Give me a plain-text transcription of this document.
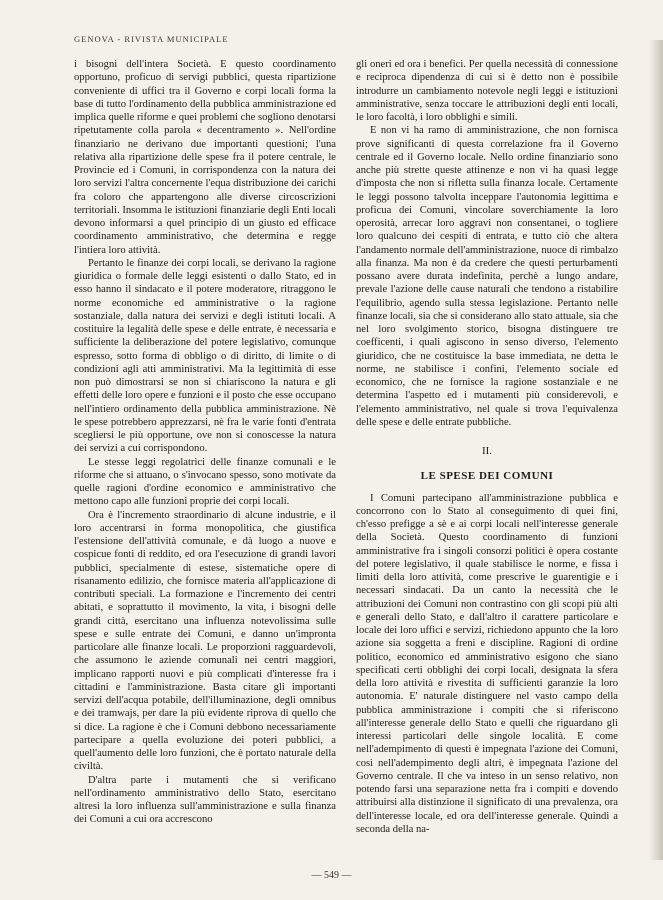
GENOVA - RIVISTA MUNICIPALE

i bisogni dell'intera Società. E questo coordinamento opportuno, proficuo di servigi pubblici, questa ripartizione conveniente di uffici tra il Governo e corpi locali forma la base di tutto l'ordinamento della pubblica amministrazione ed implica quelle riforme e quei problemi che sogliono denotarsi ripetutamente colla parola « decentramento ». Nell'ordine finanziario ne derivano due importanti questioni; l'una relativa alla ripartizione delle spese fra il potere centrale, le Provincie ed i Comuni, in corrispondenza con la natura dei loro servizi l'altra concernente l'equa distribuzione dei carichi fra coloro che appartengono alle diverse circoscrizioni territoriali. Insomma le istituzioni finanziarie degli Enti locali devono informarsi a quel principio di un giusto ed efficace coordinamento amministrativo, che determina e regge l'intiera loro attività.

Pertanto le finanze dei corpi locali, se derivano la ragione giuridica o formale delle leggi esistenti o dallo Stato, ed in esso hanno il sindacato e il potere moderatore, ritraggono le norme economiche ed amministrative o la ragione sostanziale, dalla natura dei servizi e degli istituti locali. A costituire la legalità delle spese e delle entrate, è necessaria e sufficiente la deliberazione del potere legislativo, comunque espresso, sotto forma di obbligo o di diritto, di limite o di condizioni agli atti amministrativi. Ma la legittimità di esse non può dimostrarsi se non si chiariscono la natura e gli effetti delle loro opere e funzioni e il posto che esse occupano nell'intiero ordinamento della pubblica amministrazione. Nè le spese potrebbero apprezzarsi, nè fra le varie fonti d'entrata scegliersi le più opportune, ove non si conoscesse la natura dei servizi a cui corrispondono.

Le stesse leggi regolatrici delle finanze comunali e le riforme che si attuano, o s'invocano spesso, sono motivate da quelle ragioni d'ordine economico e amministrativo che mettono capo alle funzioni proprie dei corpi locali.

Ora è l'incremento straordinario di alcune industrie, e il loro accentrarsi in forma monopolitica, che giustifica l'estensione dell'attività comunale, e dà luogo a nuove e cospicue fonti di reddito, ed ora l'esecuzione di grandi lavori pubblici, specialmente di estese, sistematiche opere di risanamento edilizio, che fornisce materia all'applicazione di contributi speciali. La formazione e l'incremento dei centri abitati, e soprattutto il movimento, la vita, i bisogni delle grandi città, esercitano una influenza notevolissima sulle spese e sulle entrate dei Comuni, e danno un'impronta particolare alle finanze locali. Le proporzioni ragguardevoli, che assumono le aziende comunali nei centri maggiori, implicano rapporti nuovi e più complicati d'interesse fra i cittadini e l'amministrazione. Basta citare gli importanti servizi dell'acqua potabile, dell'illuminazione, degli omnibus e dei tramwajs, per dare la più evidente riprova di quello che si dice. La ragione è che i Comuni debbono necessariamente partecipare a quella evoluzione dei poteri pubblici, a quell'aumento delle loro funzioni, che è portato naturale della civiltà.

D'altra parte i mutamenti che si verificano nell'ordinamento amministrativo dello Stato, esercitano altresì la loro influenza sull'amministrazione e sulla finanza dei Comuni a cui ora accrescono

gli oneri ed ora i benefici. Per quella necessità di connessione e reciproca dipendenza di cui si è detto non è possibile introdurre un cambiamento notevole negli leggi e istituzioni amministrative, senza toccare le attribuzioni degli enti locali, le loro facoltà, i loro obblighi e simili.

E non vi ha ramo di amministrazione, che non fornisca prove significanti di questa correlazione fra il Governo centrale ed il Governo locale. Nello ordine finanziario sono anche più strette queste attinenze e non vi ha quasi legge d'imposta che non si rifletta sulla finanza locale. Certamente le leggi possono talvolta inceppare l'autonomia legittima e proficua dei Comuni, vincolare soverchiamente la loro operosità, arrecar loro aggravi non consentanei, o togliere loro qualcuno dei cespiti di entrata, e tutto ciò che altera l'andamento normale dell'amministrazione, nuoce di rimbalzo alla finanza. Ma non è da credere che questi perturbamenti possano avere durata indefinita, perchè a lungo andare, prevale l'azione delle cause naturali che tendono a ristabilire l'equilibrio, agendo sulla stessa legislazione. Pertanto nelle finanze locali, sia che si considerano allo stato attuale, sia che nel loro svolgimento storico, bisogna distinguere tre coefficenti, i quali agiscono in senso diverso, l'elemento giuridico, che ne costituisce la base immediata, ne detta le norme, ne stabilisce i confini, l'elemento sociale ed economico, che ne fornisce la ragione sostanziale e ne determina l'aspetto ed i mutamenti più considerevoli, e l'elemento amministrativo, nel quale si trova l'equivalenza delle spese e delle entrate pubbliche.

II.
LE SPESE DEI COMUNI

I Comuni partecipano all'amministrazione pubblica e concorrono con lo Stato al conseguimento di quei fini, ch'esso prefigge a sè e ai corpi locali nell'interesse generale della Società. Questo coordinamento di funzioni amministrative fra i singoli consorzi politici è opera costante del potere legislativo, il quale stabilisce le norme, e fissa i limiti della loro attività, come prescrive le guarentigie e i necessari sindacati. Da un canto la necessità che le attribuzioni dei Comuni non contrastino con gli scopi più alti e generali dello Stato, e dall'altro il carattere particolare e locale dei loro uffici e servizi, richiedono appunto che la loro azione sia soggetta a freni e discipline. Ragioni di ordine politico, economico ed amministrativo esigono che siano specificati certi obblighi dei corpi locali, designata la sfera della loro attività e rivestita di sufficienti garanzie la loro autonomia. E' naturale distinguere nel vasto campo della pubblica amministrazione i compiti che si riferiscono all'interesse generale dello Stato e quelli che riguardano gli interessi particolari delle singole località. E come nell'adempimento di questi è impegnata l'azione dei Comuni, così nell'adempimento degli altri, è impegnata l'azione del Governo centrale. Il che va inteso in un senso relativo, non potendo farsi una separazione netta fra i compiti e dovendo attribuirsi alla distinzione il significato di una prevalenza, ora dell'interesse locale, ed ora dell'interesse generale. Quindi a seconda della na-

— 549 —
